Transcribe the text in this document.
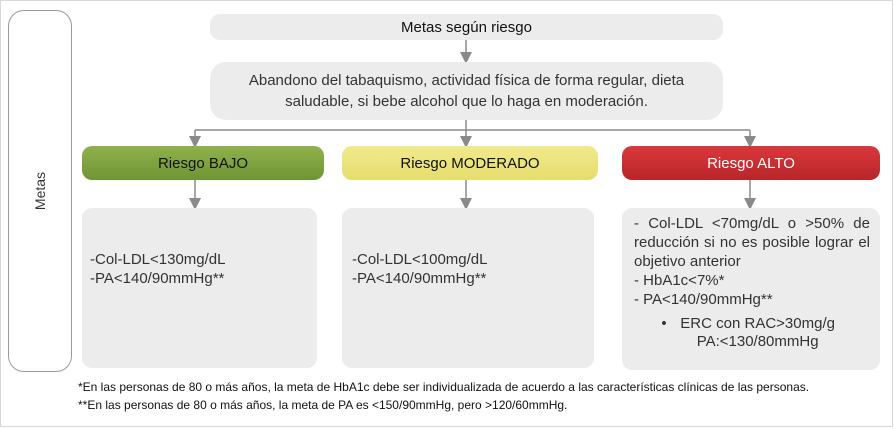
Metas
Metas según riesgo
Abandono del tabaquismo, actividad física de forma regular, dieta saludable, si bebe alcohol que lo haga en moderación.
Riesgo BAJO	Riesgo MODERADO	Riesgo ALTO
-Col-LDL<130mg/dL
-PA<140/90mmHg**
-Col-LDL<100mg/dL
-PA<140/90mmHg**
- Col-LDL <70mg/dL o >50% de reducción si no es posible lograr el objetivo anterior
- HbA1c<7%*
- PA<140/90mmHg**
• ERC con RAC>30mg/g PA:<130/80mmHg
*En las personas de 80 o más años, la meta de HbA1c debe ser individualizada de acuerdo a las características clínicas de las personas.
**En las personas de 80 o más años, la meta de PA es <150/90mmHg, pero >120/60mmHg.
